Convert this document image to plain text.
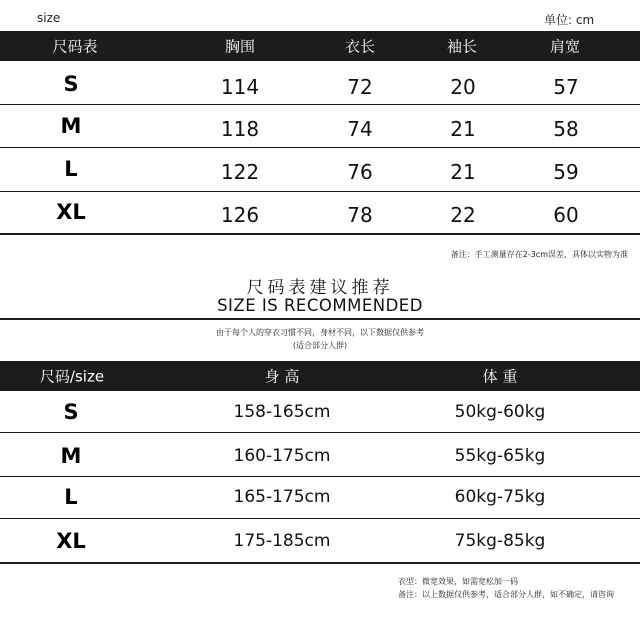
size	单位: cm
尺码表	胸围	衣长	袖长	肩宽
S	114	72	20	57
M	118	74	21	58
L	122	76	21	59
XL	126	78	22	60
备注：手工测量存在2-3cm误差，具体以实物为准
尺码表建议推荐
SIZE IS RECOMMENDED
由于每个人的穿衣习惯不同，身材不同，以下数据仅供参考
(适合部分人群)
尺码/size	身 高	体 重
S	158-165cm	50kg-60kg
M	160-175cm	55kg-65kg
L	165-175cm	60kg-75kg
XL	175-185cm	75kg-85kg
衣型：微宽效果，如需宽松加一码
备注：以上数据仅供参考，适合部分人群，如不确定，请咨询
